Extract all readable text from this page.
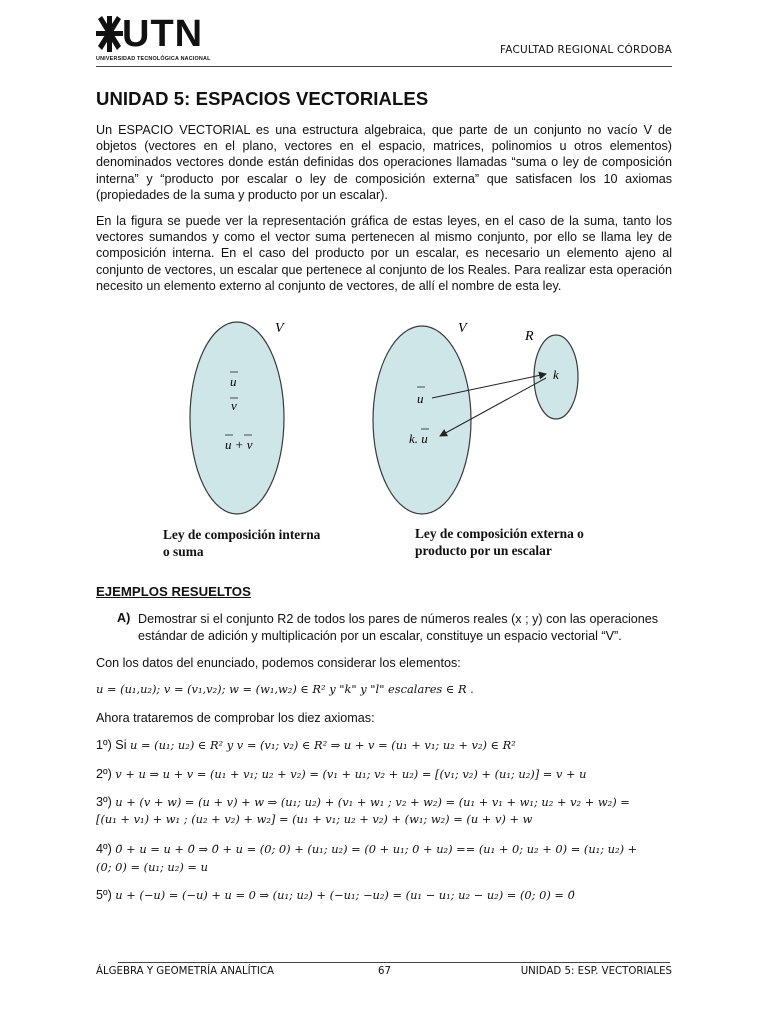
UTN
UNIVERSIDAD TECNOLÓGICA NACIONAL
FACULTAD REGIONAL CÓRDOBA
UNIDAD 5: ESPACIOS VECTORIALES
Un ESPACIO VECTORIAL es una estructura algebraica, que parte de un conjunto no vacío V de objetos (vectores en el plano, vectores en el espacio, matrices, polinomios u otros elementos) denominados vectores donde están definidas dos operaciones llamadas “suma o ley de composición interna” y “producto por escalar o ley de composición externa” que satisfacen los 10 axiomas (propiedades de la suma y producto por un escalar).
En la figura se puede ver la representación gráfica de estas leyes, en el caso de la suma, tanto los vectores sumandos y como el vector suma pertenecen al mismo conjunto, por ello se llama ley de composición interna. En el caso del producto por un escalar, es necesario un elemento ajeno al conjunto de vectores, un escalar que pertenece al conjunto de los Reales. Para realizar esta operación necesito un elemento externo al conjunto de vectores, de allí el nombre de esta ley.
V
u
v
u + v
V
R
k
u
k. u
Ley de composición interna
o suma
Ley de composición externa o
producto por un escalar
EJEMPLOS RESUELTOS
A) Demostrar si el conjunto R2 de todos los pares de números reales (x ; y) con las operaciones estándar de adición y multiplicación por un escalar, constituye un espacio vectorial “V”.
Con los datos del enunciado, podemos considerar los elementos:
u = (u₁,u₂); v = (v₁,v₂); w = (w₁,w₂) ∈ R² y "k" y "l" escalares ∈ R .
Ahora trataremos de comprobar los diez axiomas:
1º) Si u = (u₁; u₂) ∈ R² y v = (v₁; v₂) ∈ R² ⇒ u + v = (u₁ + v₁; u₂ + v₂) ∈ R²
2º) v + u ⇒ u + v = (u₁ + v₁; u₂ + v₂) = (v₁ + u₁; v₂ + u₂) = [(v₁; v₂) + (u₁; u₂)] = v + u
3º) u + (v + w) = (u + v) + w ⇒ (u₁; u₂) + (v₁ + w₁ ; v₂ + w₂) = (u₁ + v₁ + w₁; u₂ + v₂ + w₂) =
[(u₁ + v₁) + w₁ ; (u₂ + v₂) + w₂] = (u₁ + v₁; u₂ + v₂) + (w₁; w₂) = (u + v) + w
4º) 0̄ + u = u + 0̄ ⇒ 0̄ + u = (0; 0) + (u₁; u₂) = (0 + u₁; 0 + u₂) == (u₁ + 0; u₂ + 0) = (u₁; u₂) +
(0; 0) = (u₁; u₂) = u
5º) u + (−u) = (−u) + u = 0 ⇒ (u₁; u₂) + (−u₁; −u₂) = (u₁ − u₁; u₂ − u₂) = (0; 0) = 0̄
ÁLGEBRA Y GEOMETRÍA ANALÍTICA	67	UNIDAD 5: ESP. VECTORIALES
